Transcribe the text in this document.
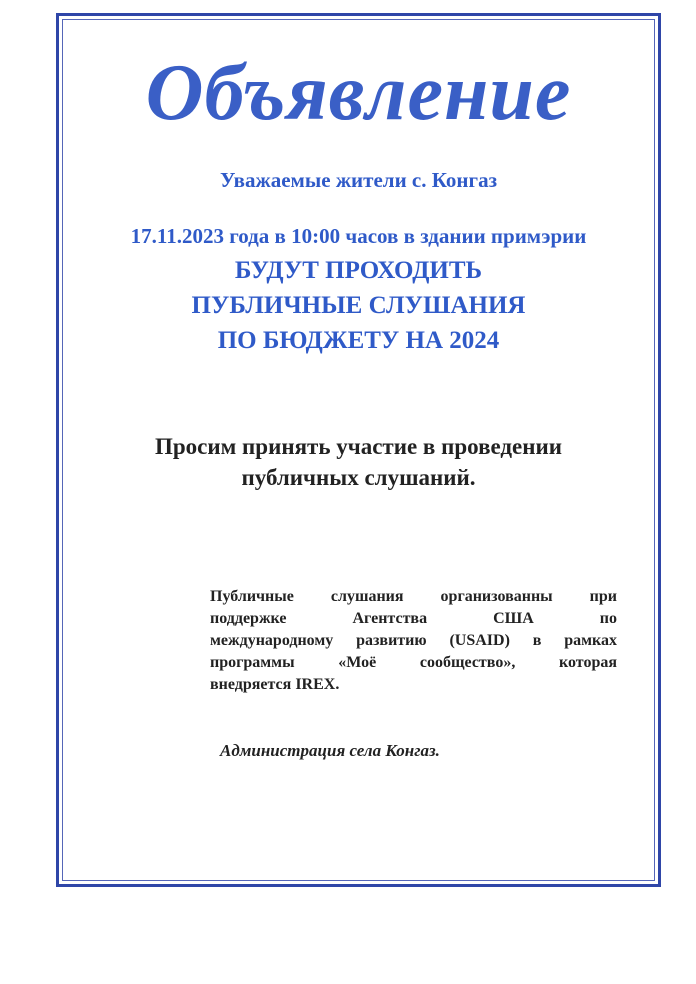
Объявление
Уважаемые жители с. Конгаз
17.11.2023 года в 10:00 часов в здании примэрии
БУДУТ ПРОХОДИТЬ
ПУБЛИЧНЫЕ СЛУШАНИЯ
ПО БЮДЖЕТУ НА 2024
Просим принять участие в проведении
публичных слушаний.
Публичные слушания организованны при
поддержке Агентства США по
международному развитию (USAID) в рамках
программы «Моё сообщество», которая
внедряется IREX.
Администрация села Конгаз.
